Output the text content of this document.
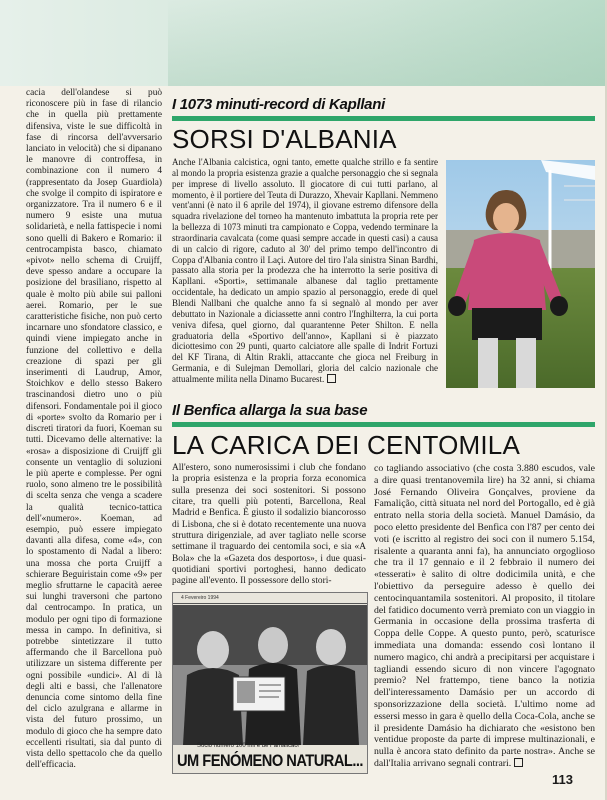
cacia dell'olandese si può riconoscere più in fase di rilancio che in quella più prettamente difensiva, viste le sue difficoltà in fase di rincorsa dell'avversario lanciato in velocità) che si dipanano le manovre di controffesa, in combinazione con il numero 4 (rappresentato da Josep Guardiola) che svolge il compito di ispiratore e organizzatore. Tra il numero 6 e il numero 9 esiste una mutua solidarietà, e nella fattispecie i nomi sono quelli di Bakero e Romario: il centrocampista basco, chiamato «pivot» nello schema di Cruijff, deve spesso andare a occupare la posizione del brasiliano, rispetto al quale è molto più abile sui palloni aerei. Romario, per le sue caratteristiche fisiche, non può certo incarnare uno sfondatore classico, e quindi viene impiegato anche in funzione del collettivo e della creazione di spazi per gli inserimenti di Laudrup, Amor, Stoichkov e dello stesso Bakero trascinandosi dietro uno o più difensori. Fondamentale poi il gioco di «porte» svolto da Romario per i discreti tiratori da fuori, Koeman su tutti. Dicevamo delle alternative: la «rosa» a disposizione di Cruijff gli consente un ventaglio di soluzioni le più aperte e complesse. Per ogni ruolo, sono almeno tre le possibilità di scelta senza che venga a scadere la qualità tecnico-tattica dell'«numero». Koeman, ad esempio, può essere impiegato davanti alla difesa, come «4», con lo spostamento di Nadal a libero: una mossa che porta Cruijff a schierare Beguiristain come «9» per meglio sfruttarne le capacità aeree sui lunghi traversoni che partono dal centrocampo. In pratica, un modulo per ogni tipo di formazione messa in campo. In definitiva, si potrebbe sintetizzare il tutto affermando che il Barcellona può utilizzare un sistema differente per ogni possibile «undici». Al di là degli alti e bassi, che l'allenatore denuncia come sintomo della fine del ciclo azulgrana e allarme in vista del futuro prossimo, un modulo di gioco che ha sempre dato eccellenti risultati, sia dal punto di vista dello spettacolo che da quello dell'efficacia.

I 1073 minuti-record di Kapllani
SORSI D'ALBANIA

Anche l'Albania calcistica, ogni tanto, emette qualche strillo e fa sentire al mondo la propria esistenza grazie a qualche personaggio che si segnala per imprese di livello assoluto. Il giocatore di cui tutti parlano, al momento, è il portiere del Teuta di Durazzo, Xhevair Kapllani. Nemmeno vent'anni (è nato il 6 aprile del 1974), il giovane estremo difensore della squadra rivelazione del torneo ha mantenuto imbattuta la propria rete per la bellezza di 1073 minuti tra campionato e Coppa, vedendo terminare la straordinaria cavalcata (come quasi sempre accade in questi casi) a causa di un calcio di rigore, caduto al 30' del primo tempo dell'incontro di Coppa d'Albania contro il Laçi. Autore del tiro l'ala sinistra Sinan Bardhi, passato alla storia per la prodezza che ha interrotto la serie positiva di Kapllani. «Sporti», settimanale albanese dal taglio prettamente occidentale, ha dedicato un ampio spazio al personaggio, erede di quel Blendi Nallbani che qualche anno fa si segnalò al mondo per aver debuttato in Nazionale a diciassette anni contro l'Inghilterra, la cui porta veniva difesa, quel giorno, dal quarantenne Peter Shilton. E nella graduatoria della «Sportivo dell'anno», Kapllani si è piazzato diciottesimo con 29 punti, quarto calciatore alle spalle di Indrit Fortuzi del KF Tirana, di Altin Rrakli, attaccante che gioca nel Freiburg in Germania, e di Sulejman Demollari, gloria del calcio nazionale che attualmente milita nella Dinamo Bucarest.

Il Benfica allarga la sua base
LA CARICA DEI CENTOMILA

All'estero, sono numerosissimi i club che fondano la propria esistenza e la propria forza economica sulla presenza dei soci sostenitori. Si possono citare, tra quelli più potenti, Barcellona, Real Madrid e Benfica. È giusto il sodalizio biancorosso di Lisbona, che si è dotato recentemente una nuova struttura dirigenziale, ad aver tagliato nelle scorse settimane il traguardo dei centomila soci, e sia «A Bola» che la «Gazeta dos desportos», i due quasi-quotidiani sportivi portoghesi, hanno dedicato pagine all'evento. Il possessore dello stori-

co tagliando associativo (che costa 3.880 escudos, vale a dire quasi trentanovemila lire) ha 32 anni, si chiama José Fernando Oliveira Gonçalves, proviene da Famalição, città situata nel nord del Portogallo, ed è già entrato nella storia della società. Manuel Damásio, da poco eletto presidente del Benfica con l'87 per cento dei voti (e iscritto al registro dei soci con il numero 5.154, risalente a quaranta anni fa), ha annunciato orgoglioso che tra il 17 gennaio e il 2 febbraio il numero dei «tesserati» è salito di oltre dodicimila unità, e che l'obiettivo da perseguire adesso è quello dei centocinquantamila sostenitori. Al proposito, il titolare del fatidico documento verrà premiato con un viaggio in Germania in occasione della prossima trasferta di Coppa delle Coppe. A questo punto, però, scaturisce immediata una domanda: essendo così lontano il numero magico, chi andrà a precipitarsi per acquistare i tagliandi essendo sicuro di non vincere l'agognato premio? Nel frattempo, tiene banco la notizia dell'interessamento Damásio per un accordo di sponsorizzazione della società. L'ultimo nome ad essersi messo in gara è quello della Coca-Cola, anche se il presidente Damásio ha dichiarato che «esistono ben ventidue proposte da parte di imprese multinazionali, e nulla è ancora stato definito da parte nostra». Anche se dall'Italia arrivano segnali contrari.

4 Fevereiro 1994
Sócio número 100 mil é de Famalicão!
UM FENÓMENO NATURAL...
113
